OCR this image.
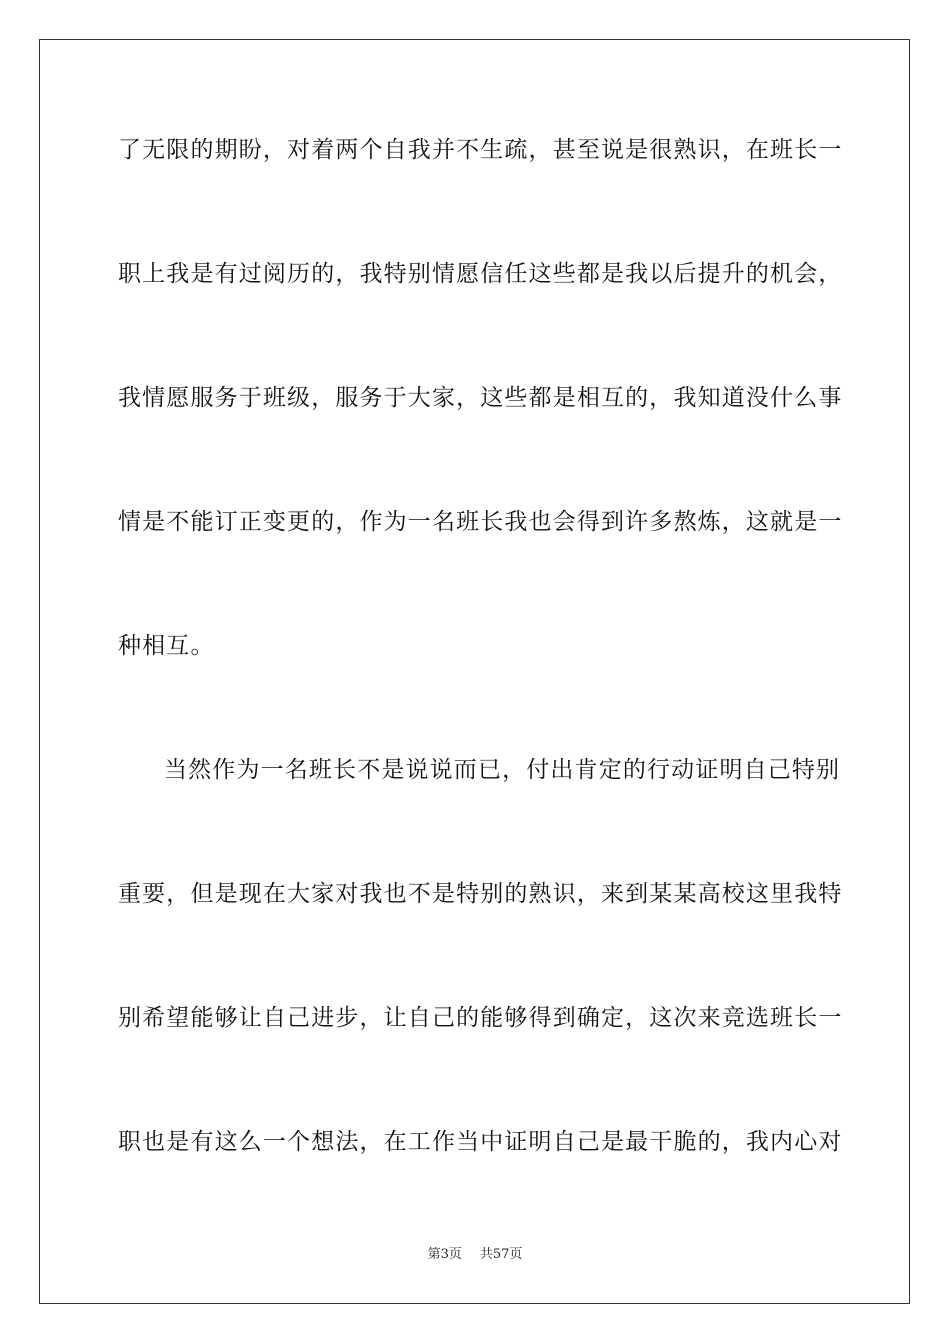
了无限的期盼，对着两个自我并不生疏，甚至说是很熟识，在班长一
职上我是有过阅历的，我特别情愿信任这些都是我以后提升的机会，
我情愿服务于班级，服务于大家，这些都是相互的，我知道没什么事
情是不能订正变更的，作为一名班长我也会得到许多熬炼，这就是一
种相互。
当然作为一名班长不是说说而已，付出肯定的行动证明自己特别
重要，但是现在大家对我也不是特别的熟识，来到某某高校这里我特
别希望能够让自己进步，让自己的能够得到确定，这次来竞选班长一
职也是有这么一个想法，在工作当中证明自己是最干脆的，我内心对
第3页 共57页
